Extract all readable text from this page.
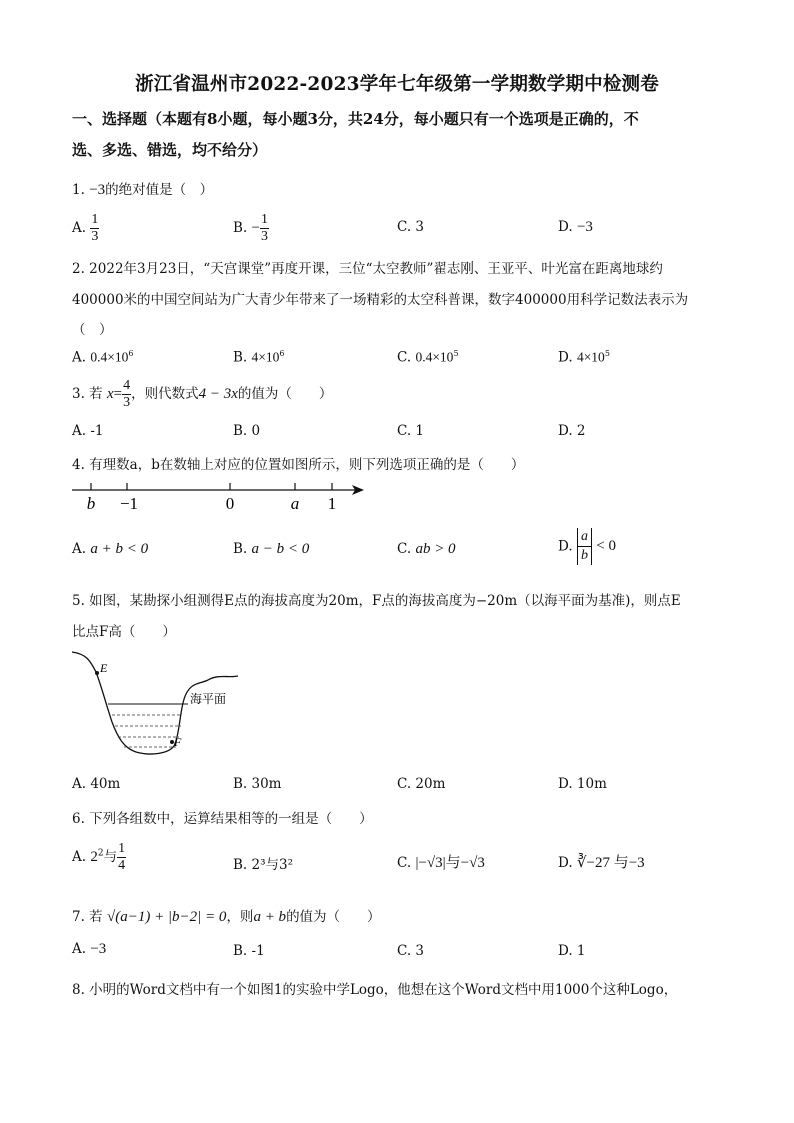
浙江省温州市2022-2023学年七年级第一学期数学期中检测卷
一、选择题（本题有8小题，每小题3分，共24分，每小题只有一个选项是正确的，不
选、多选、错选，均不给分）
1. −3的绝对值是（　）
A. $\frac{1}{3}$	B. − $\frac{1}{3}$	C. 3	D. −3
2. 2022年3月23日，“天宫课堂”再度开课，三位“太空教师”翟志刚、王亚平、叶光富在距离地球约
400000米的中国空间站为广大青少年带来了一场精彩的太空科普课，数字400000用科学记数法表示为
（　）
A. $0.4\times 10^6$	B. $4\times 10^6$	C. $0.4\times 10^5$	D. $4\times 10^5$
3. 若 $x= \frac{4}{3}$ ，则代数式4 − 3x的值为（　　）
A. -1	B. 0	C. 1	D. 2
4. 有理数a，b在数轴上对应的位置如图所示，则下列选项正确的是（　　）
b −1	0	a 1
A. a + b < 0	B. a − b < 0	C. ab > 0	D. $\frac{a}{b} < 0$
5. 如图，某勘探小组测得E点的海拔高度为20m，F点的海拔高度为−20m（以海平面为基准)，则点E
比点F高（　　）
E
F
海平面
A. 40m	B. 30m	C. 20m	D. 10m
6. 下列各组数中，运算结果相等的一组是（　　）
A. $2^2$与 $\frac{1}{4}$	B. 2³与3²	C. |−√3|与−√3	D. ∛−27 与−3
7. 若 √(a−1) + |b−2| = 0，则a + b的值为（　　）
A. −3	B. -1	C. 3	D. 1
8. 小明的Word文档中有一个如图1的实验中学Logo，他想在这个Word文档中用1000个这种Logo，
